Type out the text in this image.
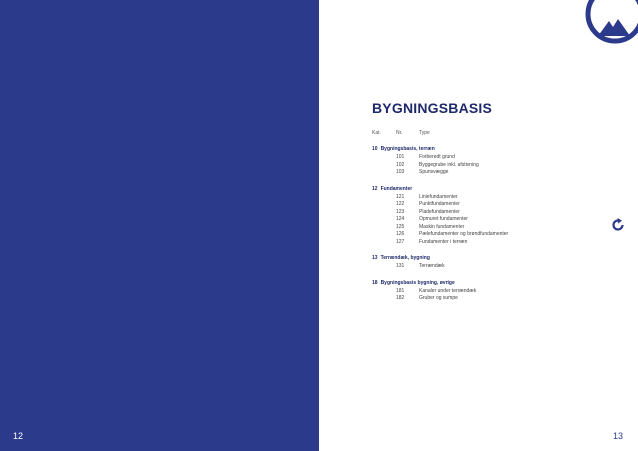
12	13
BYGNINGSBASIS
Kat.	Nr.	Type
10 Bygningsbasis, terræn
101	Forberedt grund
102	Byggegrube inkl. afstivning
103	Spunsvægge
12 Fundamenter
121	Liniefundamenter
122	Punktfundamenter
123	Pladefundamenter
124	Opmuret fundamenter
125	Maskin fundamenter
126	Pælefundamenter og brøndfundamenter
127	Fundamenter i terræn
13 Terrændæk, bygning
131	Terrændæk
18 Bygningsbasis bygning, øvrige
181	Kanaler under terrændæk
182	Gruber og sumpe
